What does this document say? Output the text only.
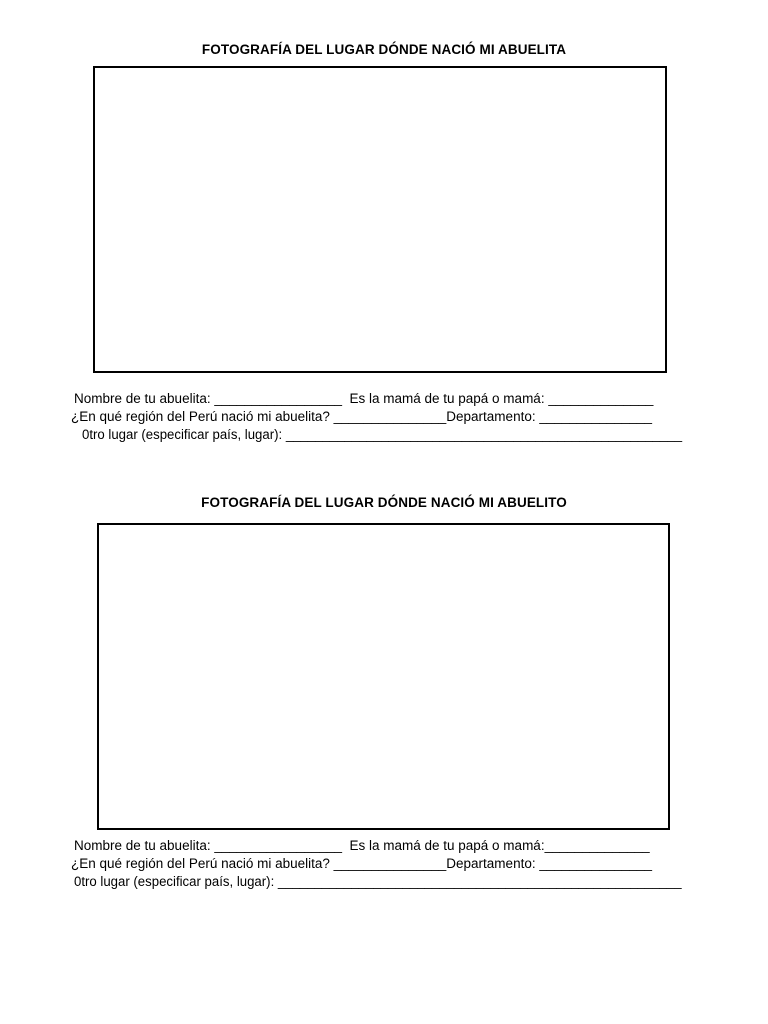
FOTOGRAFÍA DEL LUGAR DÓNDE NACIÓ MI ABUELITA
Nombre de tu abuelita: _________________  Es la mamá de tu papá o mamá: ______________
¿En qué región del Perú nació mi abuelita? _______________Departamento: _______________
0tro lugar (especificar país, lugar): ______________________________________________________
FOTOGRAFÍA DEL LUGAR DÓNDE NACIÓ MI ABUELITO
Nombre de tu abuelita: _________________  Es la mamá de tu papá o mamá:______________
¿En qué región del Perú nació mi abuelita? _______________Departamento: _______________
0tro lugar (especificar país, lugar): _______________________________________________________
